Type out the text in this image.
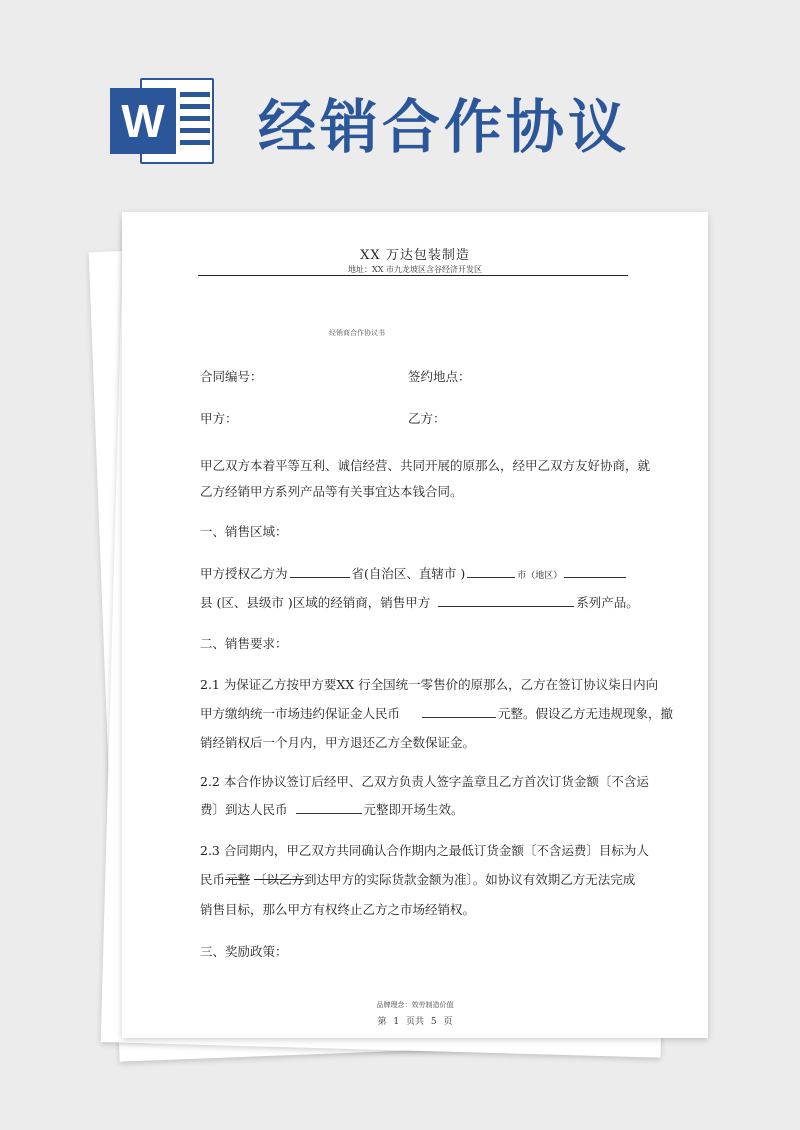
W 经销合作协议
XX 万达包装制造
地址：XX 市九龙坡区含谷经济开发区
经销商合作协议书
合同编号：	签约地点：
甲方：	乙方：
甲乙双方本着平等互利、诚信经营、共同开展的原那么，经甲乙双方友好协商，就
乙方经销甲方系列产品等有关事宜达本钱合同。
一、销售区域：
甲方授权乙方为	省(自治区、直辖市 )	市（地区）
县 (区、县级市 )区域的经销商，销售甲方	系列产品。
二、销售要求：
2.1 为保证乙方按甲方要XX 行全国统一零售价的原那么，乙方在签订协议柒日内向
甲方缴纳统一市场违约保证金人民币	元整。假设乙方无违规现象，撤
销经销权后一个月内，甲方退还乙方全数保证金。
2.2 本合作协议签订后经甲、乙双方负责人签字盖章且乙方首次订货金额〔不含运
费〕到达人民币	元整即开场生效。
2.3 合同期内，甲乙双方共同确认合作期内之最低订货金额〔不含运费〕目标为人
民币元整 〔以乙方到达甲方的实际货款金额为准〕。如协议有效期乙方无法完成
销售目标，那么甲方有权终止乙方之市场经销权。
三、奖励政策：
品牌理念：效劳制造价值
第 1 页共 5 页
